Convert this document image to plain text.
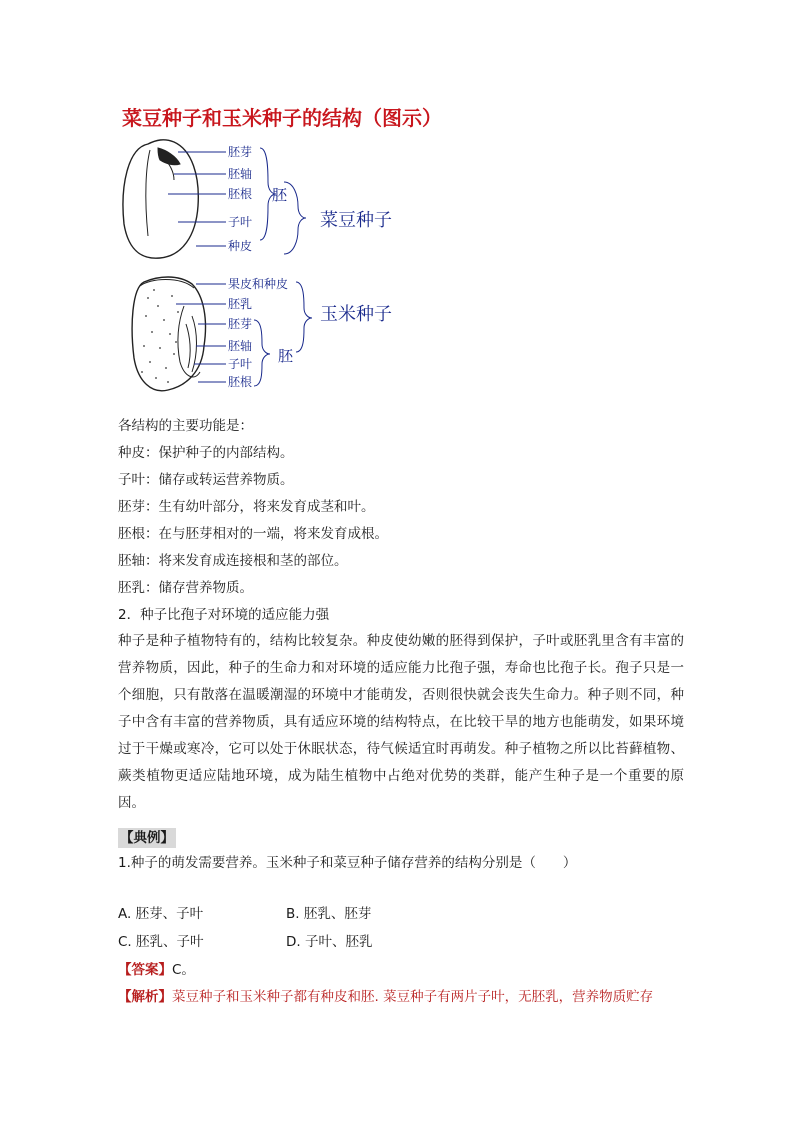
菜豆种子和玉米种子的结构（图示）
胚芽
胚轴
胚根
子叶
种皮
胚
菜豆种子
果皮和种皮
胚乳
胚芽
胚轴
子叶
胚根
胚
玉米种子
各结构的主要功能是：
种皮：保护种子的内部结构。
子叶：储存或转运营养物质。
胚芽：生有幼叶部分，将来发育成茎和叶。
胚根：在与胚芽相对的一端，将来发育成根。
胚轴：将来发育成连接根和茎的部位。
胚乳：储存营养物质。
2．种子比孢子对环境的适应能力强
种子是种子植物特有的，结构比较复杂。种皮使幼嫩的胚得到保护，子叶或胚乳里含有丰富的营养物质，因此，种子的生命力和对环境的适应能力比孢子强，寿命也比孢子长。孢子只是一个细胞，只有散落在温暖潮湿的环境中才能萌发，否则很快就会丧失生命力。种子则不同，种子中含有丰富的营养物质，具有适应环境的结构特点，在比较干旱的地方也能萌发，如果环境过于干燥或寒冷，它可以处于休眠状态，待气候适宜时再萌发。种子植物之所以比苔藓植物、蕨类植物更适应陆地环境，成为陆生植物中占绝对优势的类群，能产生种子是一个重要的原因。
【典例】
1.种子的萌发需要营养。玉米种子和菜豆种子储存营养的结构分别是（　　）
A. 胚芽、子叶	B. 胚乳、胚芽
C. 胚乳、子叶	D. 子叶、胚乳
【答案】C。
【解析】菜豆种子和玉米种子都有种皮和胚. 菜豆种子有两片子叶，无胚乳，营养物质贮存
